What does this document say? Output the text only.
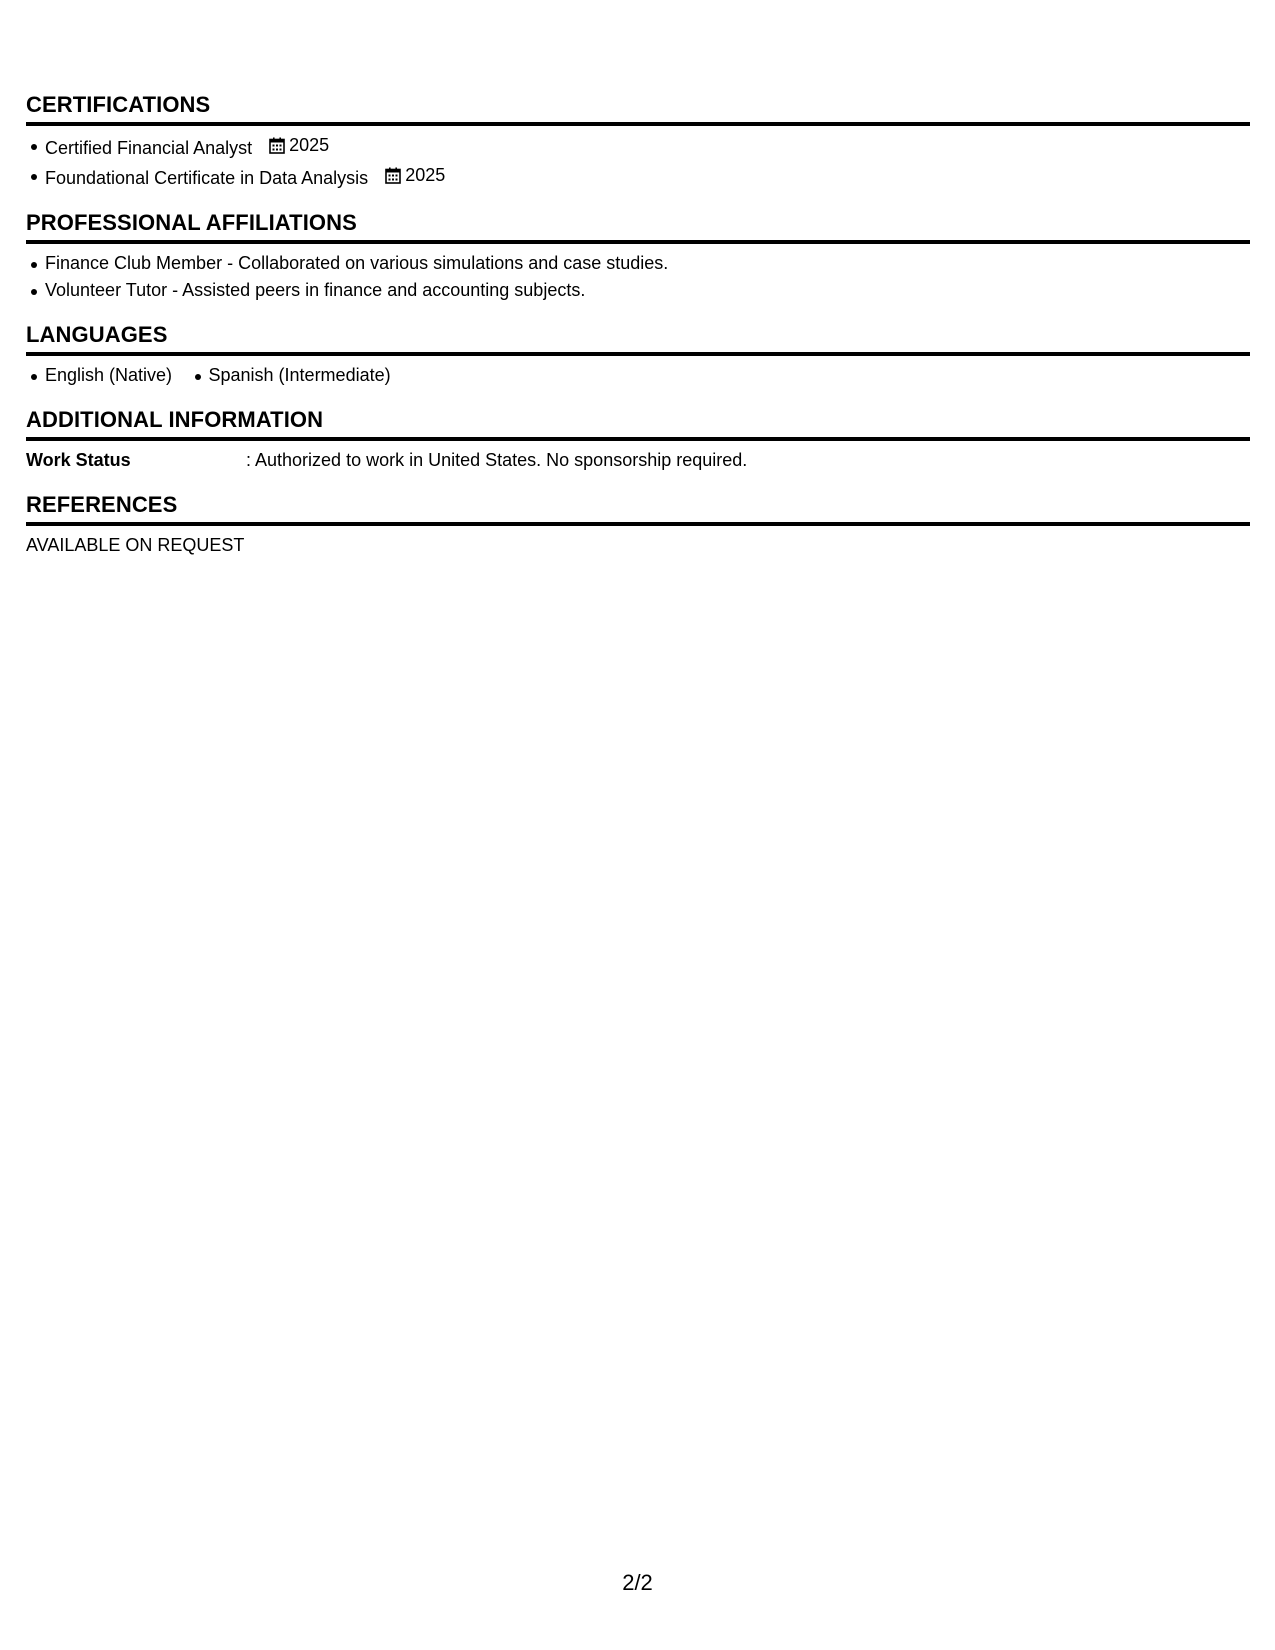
CERTIFICATIONS
Certified Financial Analyst 2025
Foundational Certificate in Data Analysis 2025
PROFESSIONAL AFFILIATIONS
Finance Club Member - Collaborated on various simulations and case studies.
Volunteer Tutor - Assisted peers in finance and accounting subjects.
LANGUAGES
English (Native) Spanish (Intermediate)
ADDITIONAL INFORMATION
Work Status	: Authorized to work in United States. No sponsorship required.
REFERENCES
AVAILABLE ON REQUEST
2/2
